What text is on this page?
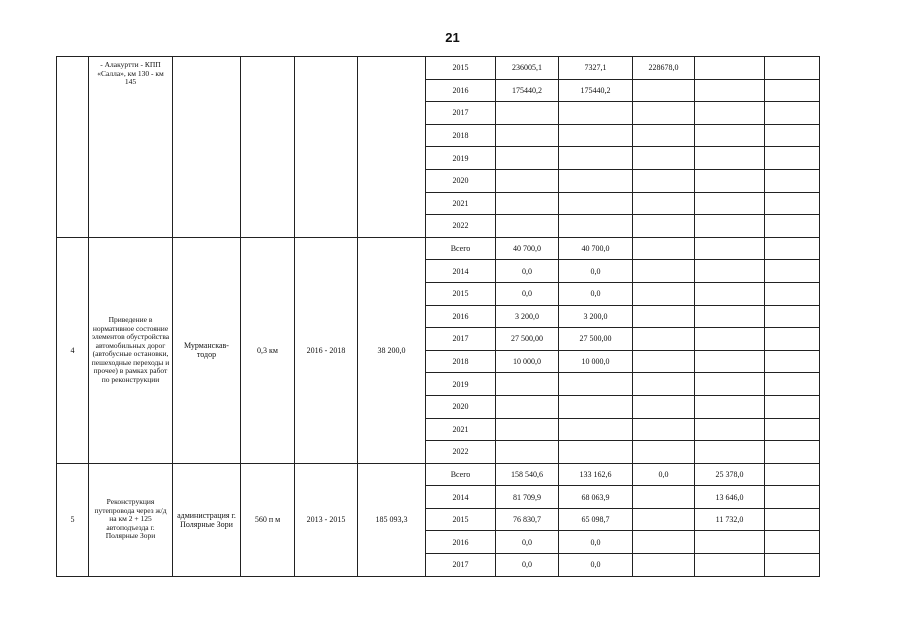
21
	- Алакуртти - КПП «Салла», км 130 - км 145					2015	236005,1	7327,1	228678,0		
						2016	175440,2	175440,2			
						2017					
						2018					
						2019					
						2020					
						2021					
						2022					
4	Приведение в нормативное состояние элементов обустройства автомобильных дорог (автобусные остановки, пешеходные переходы и прочее) в рамках работ по реконструкции	Мурманскав-тодор	0,3 км	2016 - 2018	38 200,0	Всего	40 700,0	40 700,0			
						2014	0,0	0,0			
						2015	0,0	0,0			
						2016	3 200,0	3 200,0			
						2017	27 500,00	27 500,00			
						2018	10 000,0	10 000,0			
						2019					
						2020					
						2021					
						2022					
5	Реконструкция путепровода через ж/д на км 2 + 125 автоподъезда г. Полярные Зори	администрация г. Полярные Зори	560 п м	2013 - 2015	185 093,3	Всего	158 540,6	133 162,6	0,0	25 378,0	
						2014	81 709,9	68 063,9		13 646,0	
						2015	76 830,7	65 098,7		11 732,0	
						2016	0,0	0,0			
						2017	0,0	0,0			
